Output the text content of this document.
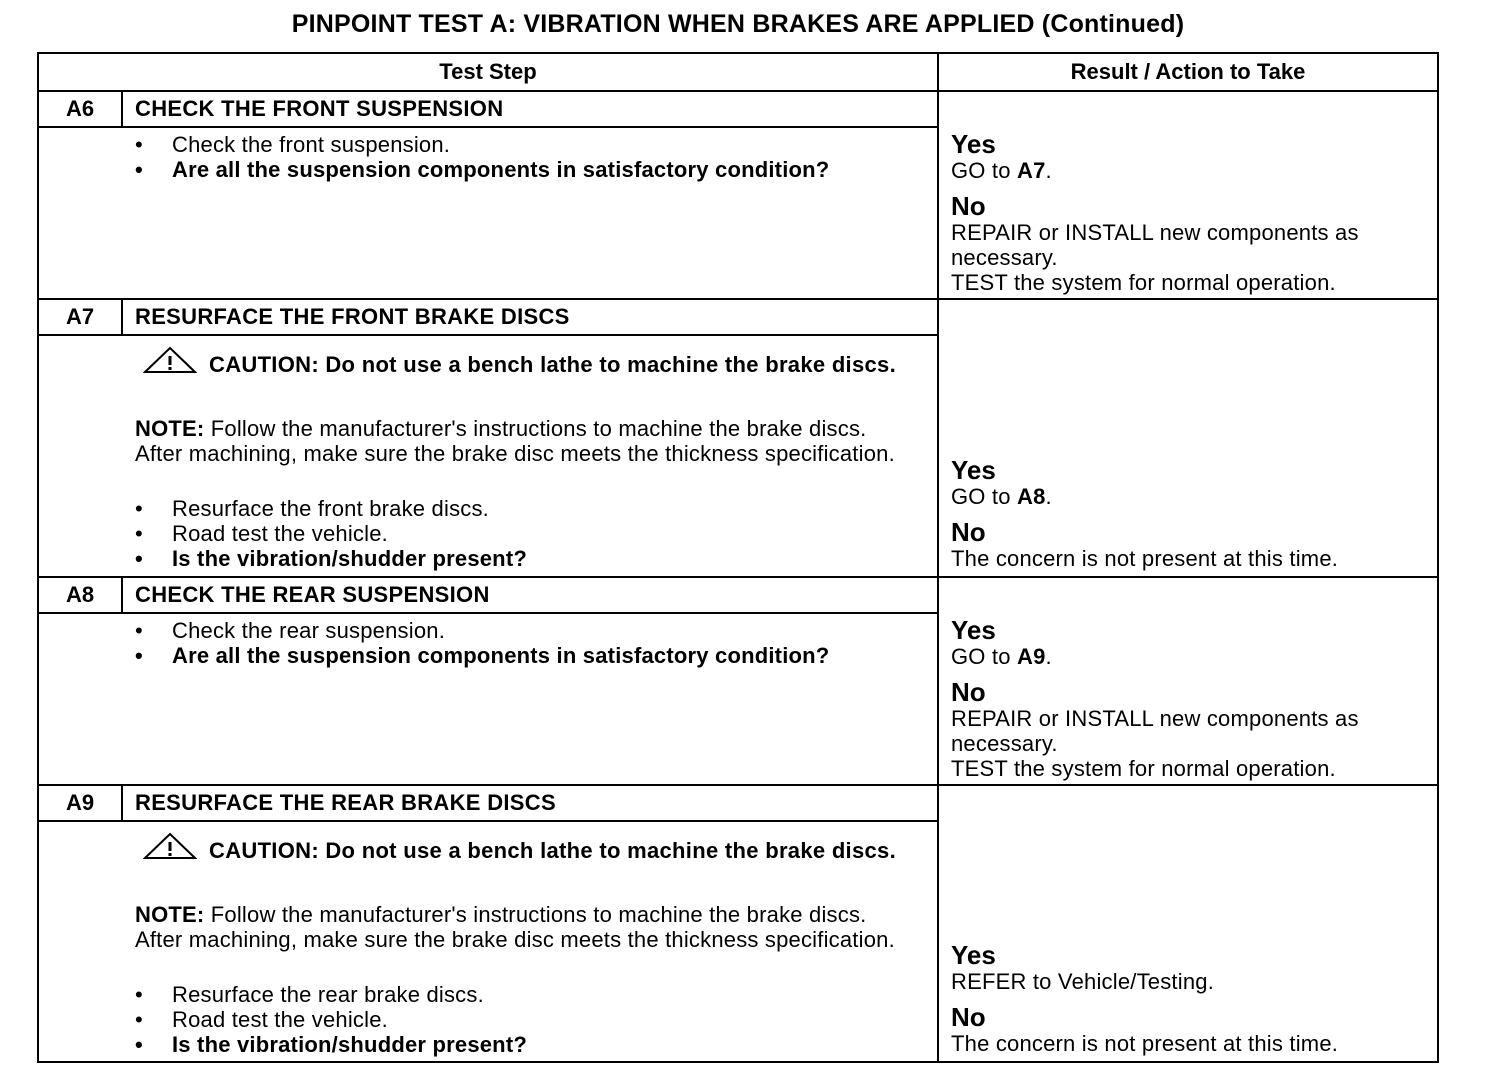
PINPOINT TEST A: VIBRATION WHEN BRAKES ARE APPLIED (Continued)
Test Step	Result / Action to Take
A6	CHECK THE FRONT SUSPENSION
• Check the front suspension.
• Are all the suspension components in satisfactory condition?
Yes
GO to A7.
No
REPAIR or INSTALL new components as necessary.
TEST the system for normal operation.
A7	RESURFACE THE FRONT BRAKE DISCS
CAUTION: Do not use a bench lathe to machine the brake discs.
NOTE: Follow the manufacturer's instructions to machine the brake discs. After machining, make sure the brake disc meets the thickness specification.
• Resurface the front brake discs.
• Road test the vehicle.
• Is the vibration/shudder present?
Yes
GO to A8.
No
The concern is not present at this time.
A8	CHECK THE REAR SUSPENSION
• Check the rear suspension.
• Are all the suspension components in satisfactory condition?
Yes
GO to A9.
No
REPAIR or INSTALL new components as necessary.
TEST the system for normal operation.
A9	RESURFACE THE REAR BRAKE DISCS
CAUTION: Do not use a bench lathe to machine the brake discs.
NOTE: Follow the manufacturer's instructions to machine the brake discs. After machining, make sure the brake disc meets the thickness specification.
• Resurface the rear brake discs.
• Road test the vehicle.
• Is the vibration/shudder present?
Yes
REFER to Vehicle/Testing.
No
The concern is not present at this time.
